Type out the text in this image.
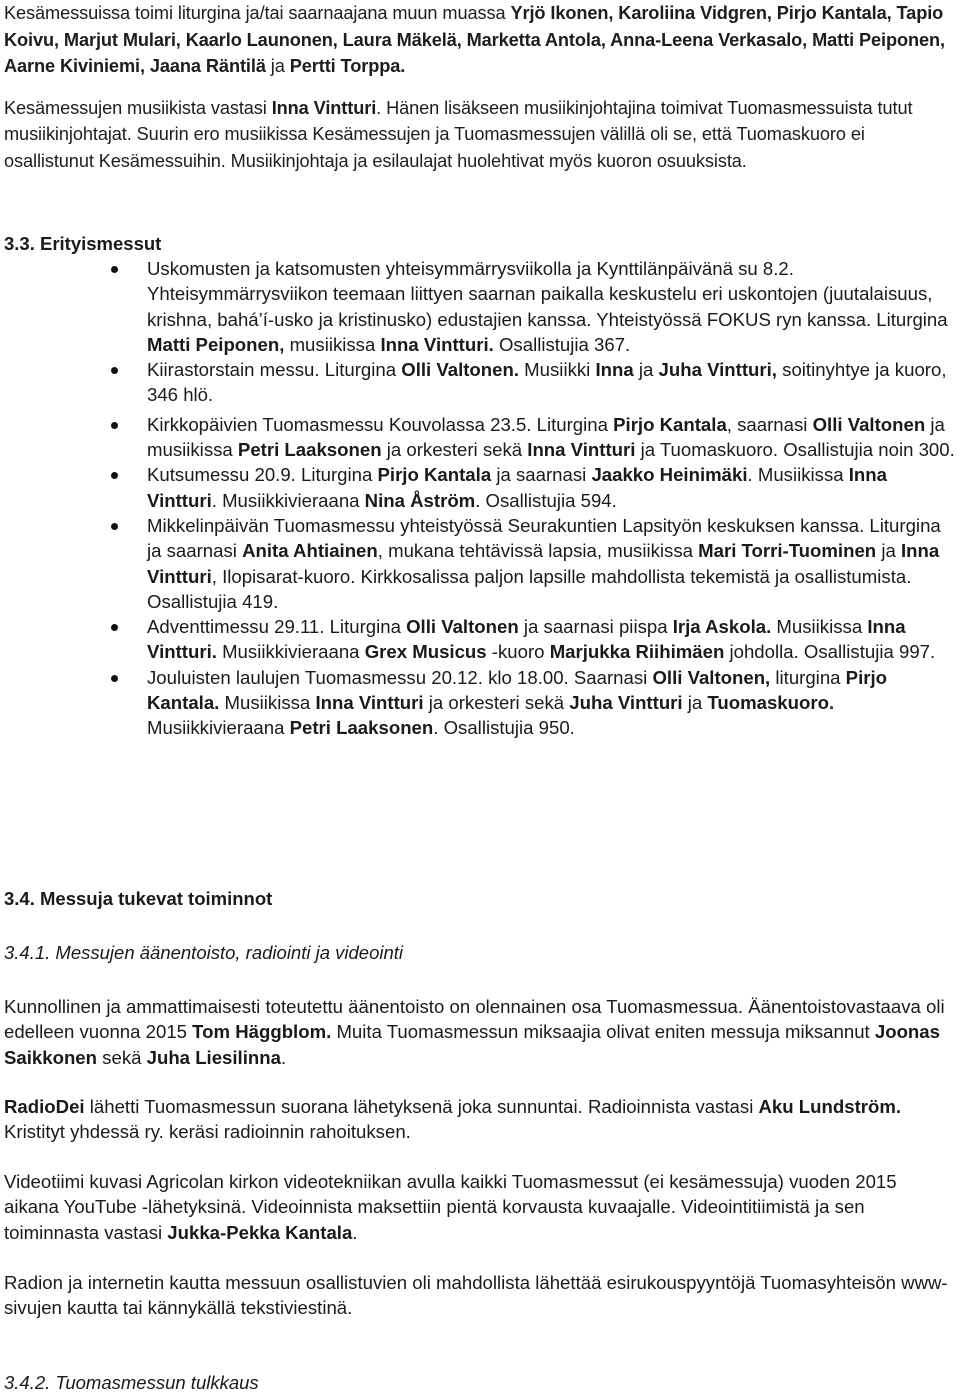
Kesämessuissa toimi liturgina ja/tai saarnaajana muun muassa Yrjö Ikonen, Karoliina Vidgren, Pirjo Kantala, Tapio Koivu, Marjut Mulari, Kaarlo Launonen, Laura Mäkelä, Marketta Antola, Anna-Leena Verkasalo, Matti Peiponen, Aarne Kiviniemi, Jaana Räntilä ja Pertti Torppa.

Kesämessujen musiikista vastasi Inna Vintturi. Hänen lisäkseen musiikinjohtajina toimivat Tuomasmessuista tutut musiikinjohtajat. Suurin ero musiikissa Kesämessujen ja Tuomasmessujen välillä oli se, että Tuomaskuoro ei osallistunut Kesämessuihin. Musiikinjohtaja ja esilaulajat huolehtivat myös kuoron osuuksista.

3.3. Erityismessut
Uskomusten ja katsomusten yhteisymmärrysviikolla ja Kynttilänpäivänä su 8.2. Yhteisymmärrysviikon teemaan liittyen saarnan paikalla keskustelu eri uskontojen (juutalaisuus, krishna, bahá’í-usko ja kristinusko) edustajien kanssa. Yhteistyössä FOKUS ryn kanssa. Liturgina Matti Peiponen, musiikissa Inna Vintturi. Osallistujia 367.
Kiirastorstain messu. Liturgina Olli Valtonen. Musiikki Inna ja Juha Vintturi, soitinyhtye ja kuoro, 346 hlö.
Kirkkopäivien Tuomasmessu Kouvolassa 23.5. Liturgina Pirjo Kantala, saarnasi Olli Valtonen ja musiikissa Petri Laaksonen ja orkesteri sekä Inna Vintturi ja Tuomaskuoro. Osallistujia noin 300.
Kutsumessu 20.9. Liturgina Pirjo Kantala ja saarnasi Jaakko Heinimäki. Musiikissa Inna Vintturi. Musiikkivieraana Nina Åström. Osallistujia 594.
Mikkelinpäivän Tuomasmessu yhteistyössä Seurakuntien Lapsityön keskuksen kanssa. Liturgina ja saarnasi Anita Ahtiainen, mukana tehtävissä lapsia, musiikissa Mari Torri-Tuominen ja Inna Vintturi, Ilopisarat-kuoro. Kirkkosalissa paljon lapsille mahdollista tekemistä ja osallistumista. Osallistujia 419.
Adventtimessu 29.11. Liturgina Olli Valtonen ja saarnasi piispa Irja Askola. Musiikissa Inna Vintturi. Musiikkivieraana Grex Musicus -kuoro Marjukka Riihimäen johdolla. Osallistujia 997.
Jouluisten laulujen Tuomasmessu 20.12. klo 18.00. Saarnasi Olli Valtonen, liturgina Pirjo Kantala. Musiikissa Inna Vintturi ja orkesteri sekä Juha Vintturi ja Tuomaskuoro. Musiikkivieraana Petri Laaksonen. Osallistujia 950.
3.4. Messuja tukevat toiminnot
3.4.1. Messujen äänentoisto, radiointi ja videointi

Kunnollinen ja ammattimaisesti toteutettu äänentoisto on olennainen osa Tuomasmessua. Äänentoistovastaava oli edelleen vuonna 2015 Tom Häggblom. Muita Tuomasmessun miksaajia olivat eniten messuja miksannut Joonas Saikkonen sekä Juha Liesilinna.

RadioDei lähetti Tuomasmessun suorana lähetyksenä joka sunnuntai. Radioinnista vastasi Aku Lundström. Kristityt yhdessä ry. keräsi radioinnin rahoituksen.

Videotiimi kuvasi Agricolan kirkon videotekniikan avulla kaikki Tuomasmessut (ei kesämessuja) vuoden 2015 aikana YouTube -lähetyksinä. Videoinnista maksettiin pientä korvausta kuvaajalle. Videointitiimistä ja sen toiminnasta vastasi Jukka-Pekka Kantala.

Radion ja internetin kautta messuun osallistuvien oli mahdollista lähettää esirukouspyyntöjä Tuomasyhteisön www-sivujen kautta tai kännykällä tekstiviestinä.

3.4.2. Tuomasmessun tulkkaus
